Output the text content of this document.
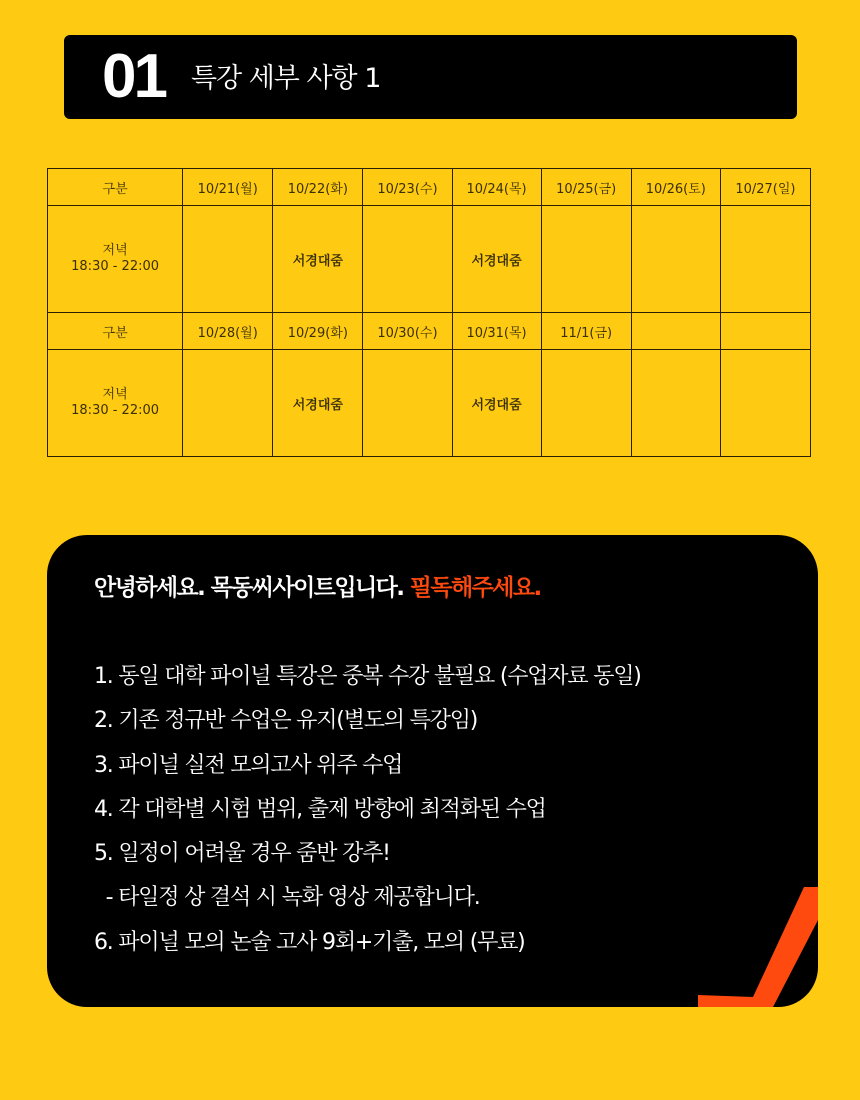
01 특강 세부 사항 1
구분	10/21(월)	10/22(화)	10/23(수)	10/24(목)	10/25(금)	10/26(토)	10/27(일)

저녁
18:30 - 22:00		서경대줌		서경대줌			
구분	10/28(월)	10/29(화)	10/30(수)	10/31(목)	11/1(금)		

저녁
18:30 - 22:00		서경대줌		서경대줌			
안녕하세요. 목동씨사이트입니다. 필독해주세요.
1. 동일 대학 파이널 특강은 중복 수강 불필요 (수업자료 동일)
2. 기존 정규반 수업은 유지(별도의 특강임)
3. 파이널 실전 모의고사 위주 수업
4. 각 대학별 시험 범위, 출제 방향에 최적화된 수업
5. 일정이 어려울 경우 줌반 강추!
- 타일정 상 결석 시 녹화 영상 제공합니다.
6. 파이널 모의 논술 고사 9회+기출, 모의 (무료)
